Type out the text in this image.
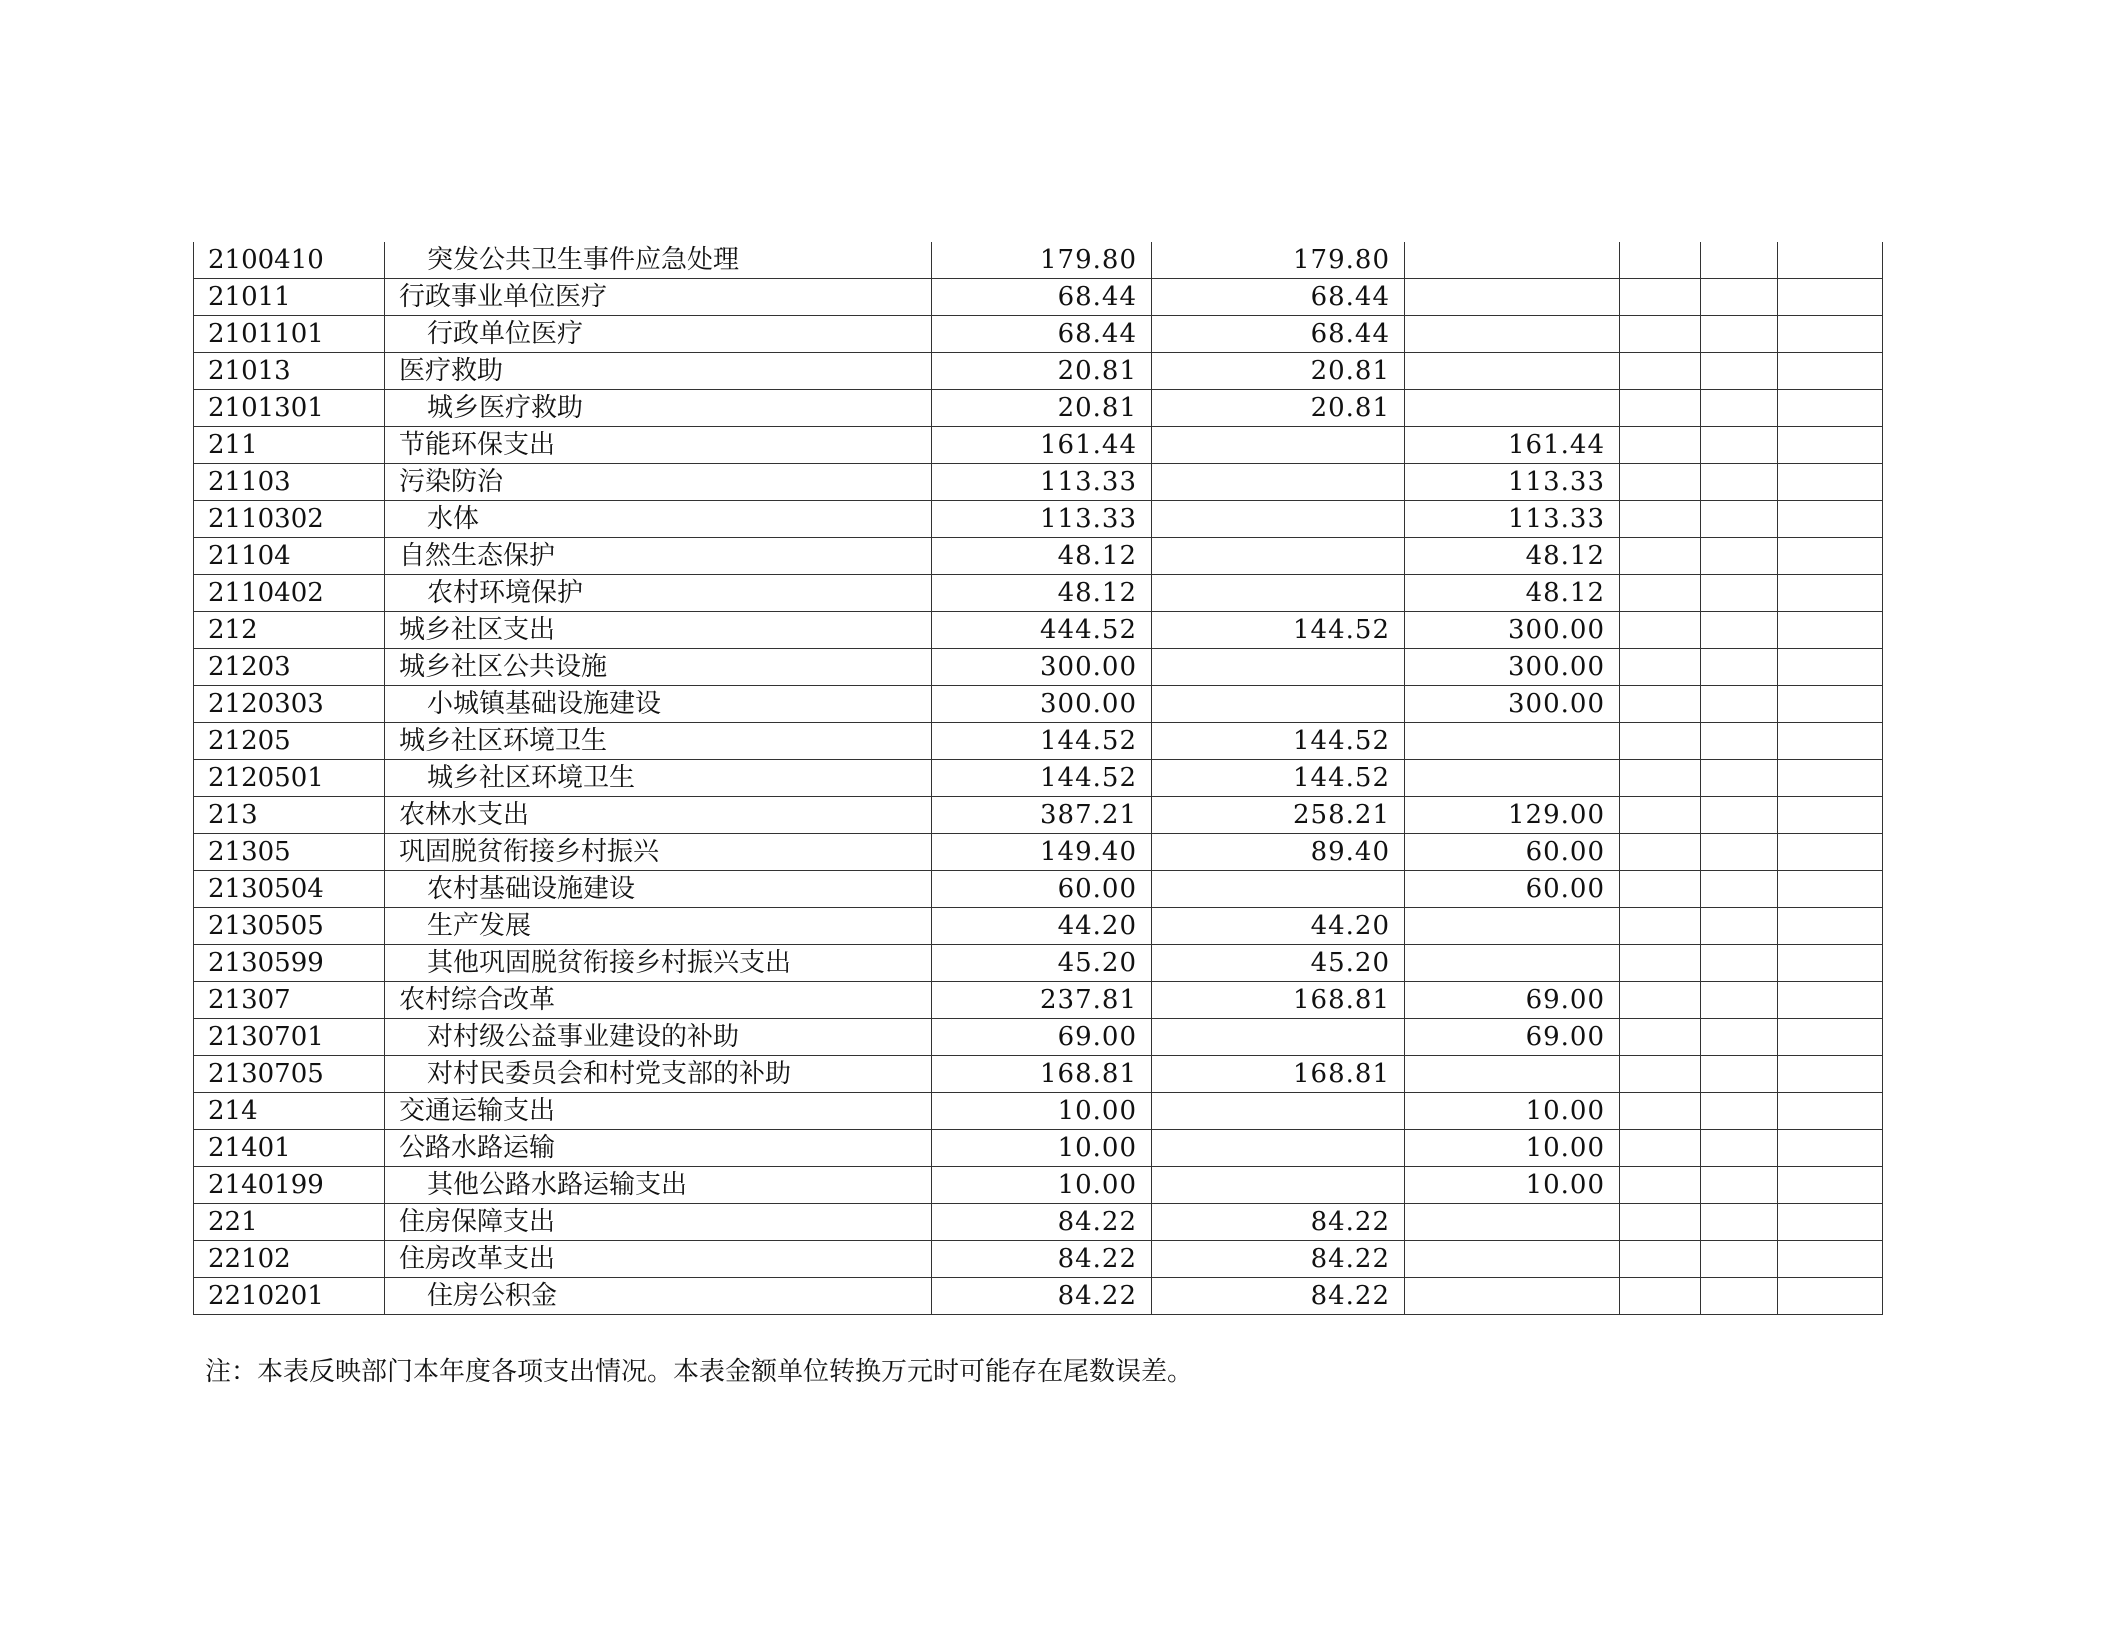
2100410	突发公共卫生事件应急处理	179.80	179.80				
21011	行政事业单位医疗	68.44	68.44				
2101101	行政单位医疗	68.44	68.44				
21013	医疗救助	20.81	20.81				
2101301	城乡医疗救助	20.81	20.81				
211	节能环保支出	161.44		161.44			
21103	污染防治	113.33		113.33			
2110302	水体	113.33		113.33			
21104	自然生态保护	48.12		48.12			
2110402	农村环境保护	48.12		48.12			
212	城乡社区支出	444.52	144.52	300.00			
21203	城乡社区公共设施	300.00		300.00			
2120303	小城镇基础设施建设	300.00		300.00			
21205	城乡社区环境卫生	144.52	144.52				
2120501	城乡社区环境卫生	144.52	144.52				
213	农林水支出	387.21	258.21	129.00			
21305	巩固脱贫衔接乡村振兴	149.40	89.40	60.00			
2130504	农村基础设施建设	60.00		60.00			
2130505	生产发展	44.20	44.20				
2130599	其他巩固脱贫衔接乡村振兴支出	45.20	45.20				
21307	农村综合改革	237.81	168.81	69.00			
2130701	对村级公益事业建设的补助	69.00		69.00			
2130705	对村民委员会和村党支部的补助	168.81	168.81				
214	交通运输支出	10.00		10.00			
21401	公路水路运输	10.00		10.00			
2140199	其他公路水路运输支出	10.00		10.00			
221	住房保障支出	84.22	84.22				
22102	住房改革支出	84.22	84.22				
2210201	住房公积金	84.22	84.22				
注：本表反映部门本年度各项支出情况。本表金额单位转换万元时可能存在尾数误差。
